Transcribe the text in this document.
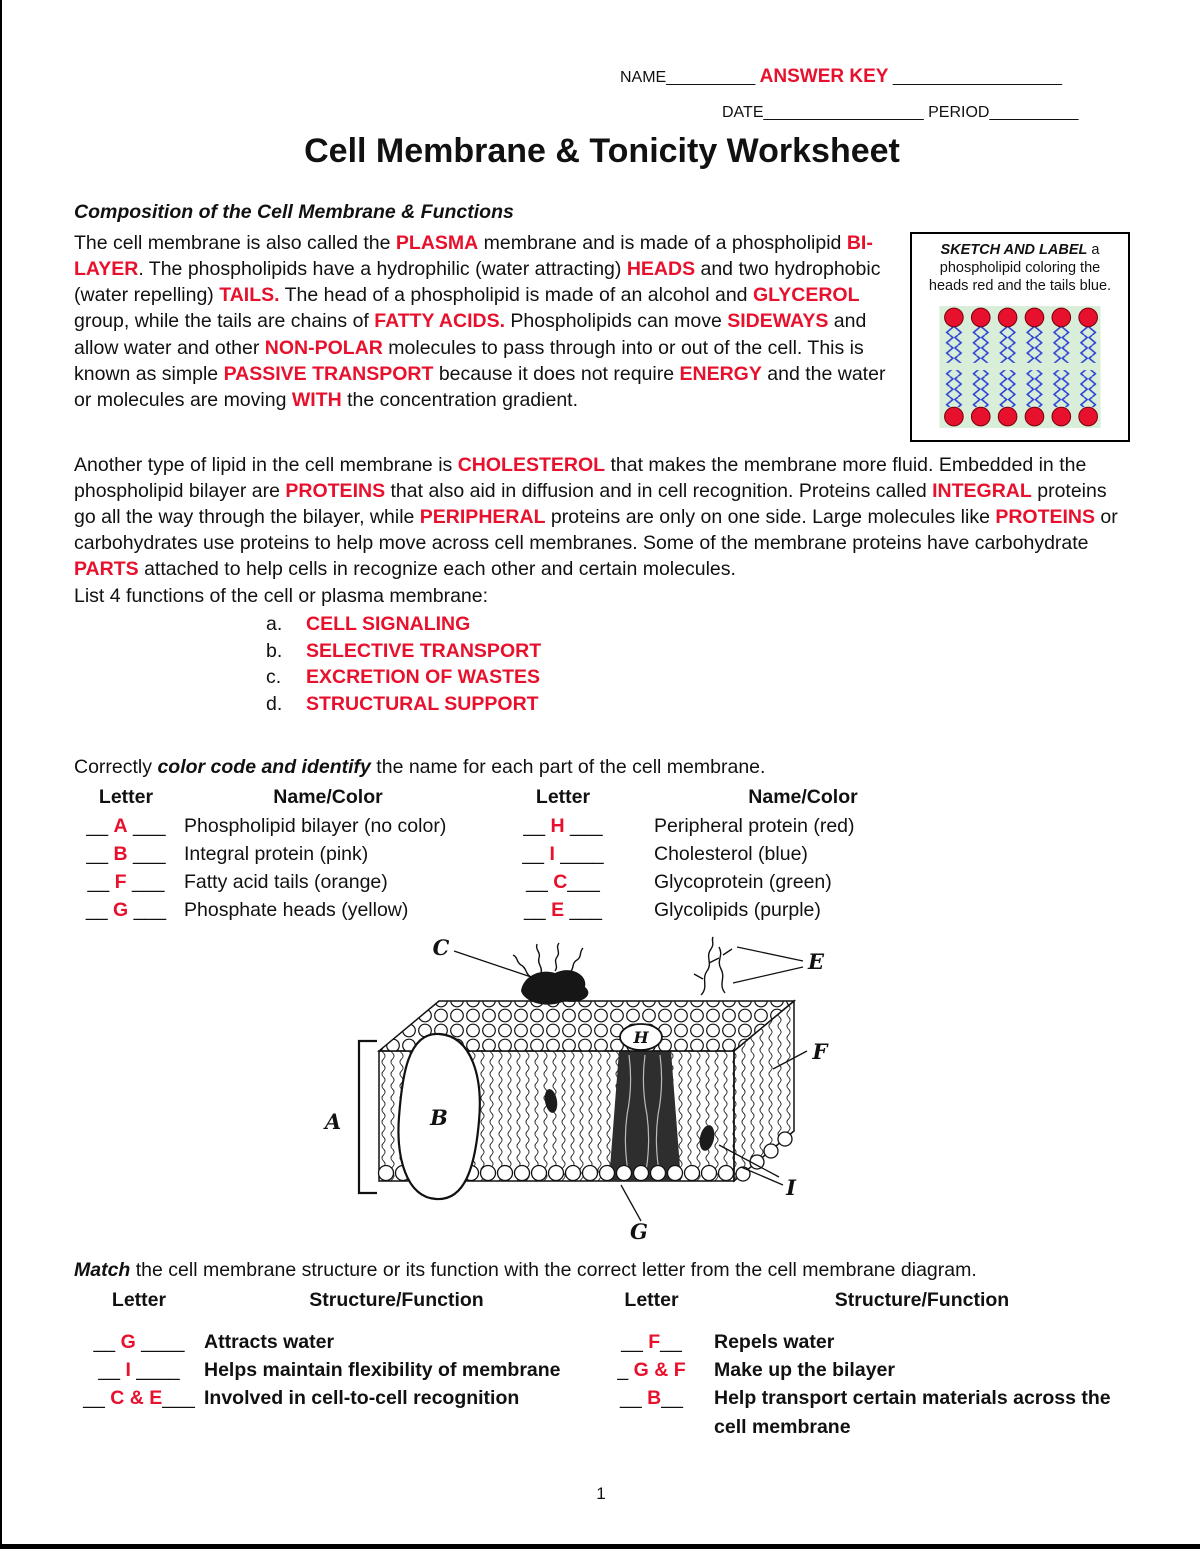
NAME__________ ANSWER KEY ___________________
DATE__________________ PERIOD__________
Cell Membrane & Tonicity Worksheet
Composition of the Cell Membrane & Functions
SKETCH AND LABEL a phospholipid coloring the heads red and the tails blue.

The cell membrane is also called the PLASMA membrane and is made of a phospholipid BI-LAYER. The phospholipids have a hydrophilic (water attracting) HEADS and two hydrophobic (water repelling) TAILS. The head of a phospholipid is made of an alcohol and GLYCEROL group, while the tails are chains of FATTY ACIDS. Phospholipids can move SIDEWAYS and allow water and other NON-POLAR molecules to pass through into or out of the cell. This is known as simple PASSIVE TRANSPORT because it does not require ENERGY and the water or molecules are moving WITH the concentration gradient.

Another type of lipid in the cell membrane is CHOLESTEROL that makes the membrane more fluid. Embedded in the phospholipid bilayer are PROTEINS that also aid in diffusion and in cell recognition. Proteins called INTEGRAL proteins go all the way through the bilayer, while PERIPHERAL proteins are only on one side. Large molecules like PROTEINS or carbohydrates use proteins to help move across cell membranes. Some of the membrane proteins have carbohydrate PARTS attached to help cells in recognize each other and certain molecules.

List 4 functions of the cell or plasma membrane:

a. CELL SIGNALING
b. SELECTIVE TRANSPORT
c. EXCRETION OF WASTES
d. STRUCTURAL SUPPORT

Correctly color code and identify the name for each part of the cell membrane.

Letter	Name/Color	Letter	Name/Color
__ A ___ Phospholipid bilayer (no color)	__ H ___	Peripheral protein (red)
__ B ___ Integral protein (pink)	__ I ____	Cholesterol (blue)
__ F ___	Fatty acid tails (orange)	__ C___	Glycoprotein (green)
__ G ___ Phosphate heads (yellow)	__ E ___	Glycolipids (purple)
C
E
A	B
H
F
I
G

Match the cell membrane structure or its function with the correct letter from the cell membrane diagram.

Letter	Structure/Function	Letter	Structure/Function
__ G ____ Attracts water	__ F__	Repels water
__ I ____	Helps maintain flexibility of membrane	_ G & F	Make up the bilayer
__ C & E___ Involved in cell-to-cell recognition	__ B__	Help transport certain materials across the cell membrane
1
